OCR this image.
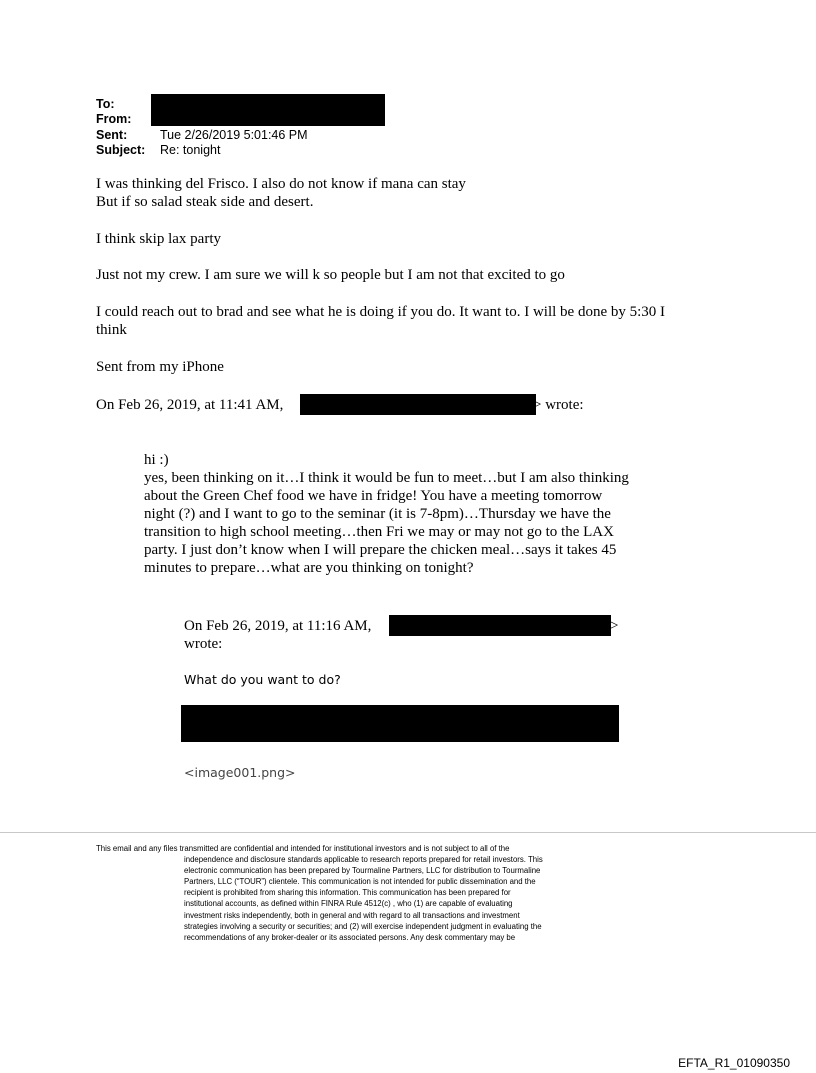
To:
From:
Sent:	Tue 2/26/2019 5:01:46 PM
Subject: Re: tonight
I was thinking del Frisco. I also do not know if mana can stay
But if so salad steak side and desert.
I think skip lax party
Just not my crew. I am sure we will k so people but I am not that excited to go
I could reach out to brad and see what he is doing if you do. It want to. I will be done by 5:30 I
think
Sent from my iPhone
On Feb 26, 2019, at 11:41 AM,	> wrote:
hi :)
yes, been thinking on it…I think it would be fun to meet…but I am also thinking
about the Green Chef food we have in fridge! You have a meeting tomorrow
night (?) and I want to go to the seminar (it is 7-8pm)…Thursday we have the
transition to high school meeting…then Fri we may or may not go to the LAX
party. I just don’t know when I will prepare the chicken meal…says it takes 45
minutes to prepare…what are you thinking on tonight?
On Feb 26, 2019, at 11:16 AM,	>
wrote:
What do you want to do?
<image001.png>
This email and any files transmitted are confidential and intended for institutional investors and is not subject to all of the
independence and disclosure standards applicable to research reports prepared for retail investors. This
electronic communication has been prepared by Tourmaline Partners, LLC for distribution to Tourmaline
Partners, LLC (“TOUR”) clientele. This communication is not intended for public dissemination and the
recipient is prohibited from sharing this information. This communication has been prepared for
institutional accounts, as defined within FINRA Rule 4512(c) , who (1) are capable of evaluating
investment risks independently, both in general and with regard to all transactions and investment
strategies involving a security or securities; and (2) will exercise independent judgment in evaluating the
recommendations of any broker-dealer or its associated persons. Any desk commentary may be
EFTA_R1_01090350
